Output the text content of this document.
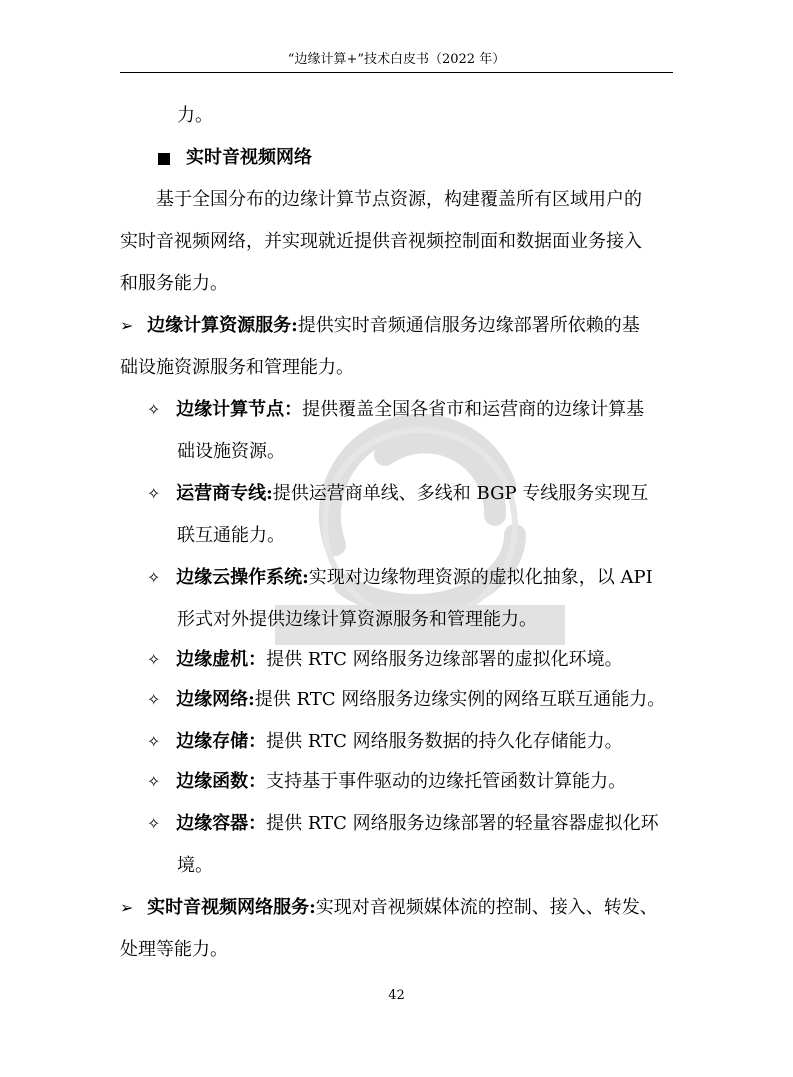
“边缘计算+”技术白皮书（2022 年）
力。
实时音视频网络
基于全国分布的边缘计算节点资源，构建覆盖所有区域用户的
实时音视频网络，并实现就近提供音视频控制面和数据面业务接入
和服务能力。
➢ 边缘计算资源服务:提供实时音频通信服务边缘部署所依赖的基
础设施资源服务和管理能力。
✧ 边缘计算节点：提供覆盖全国各省市和运营商的边缘计算基
础设施资源。
✧ 运营商专线:提供运营商单线、多线和 BGP 专线服务实现互
联互通能力。
✧ 边缘云操作系统:实现对边缘物理资源的虚拟化抽象，以 API
形式对外提供边缘计算资源服务和管理能力。
✧ 边缘虚机：提供 RTC 网络服务边缘部署的虚拟化环境。
✧ 边缘网络:提供 RTC 网络服务边缘实例的网络互联互通能力。
✧ 边缘存储：提供 RTC 网络服务数据的持久化存储能力。
✧ 边缘函数：支持基于事件驱动的边缘托管函数计算能力。
✧ 边缘容器：提供 RTC 网络服务边缘部署的轻量容器虚拟化环
境。
➢ 实时音视频网络服务:实现对音视频媒体流的控制、接入、转发、
处理等能力。
42
